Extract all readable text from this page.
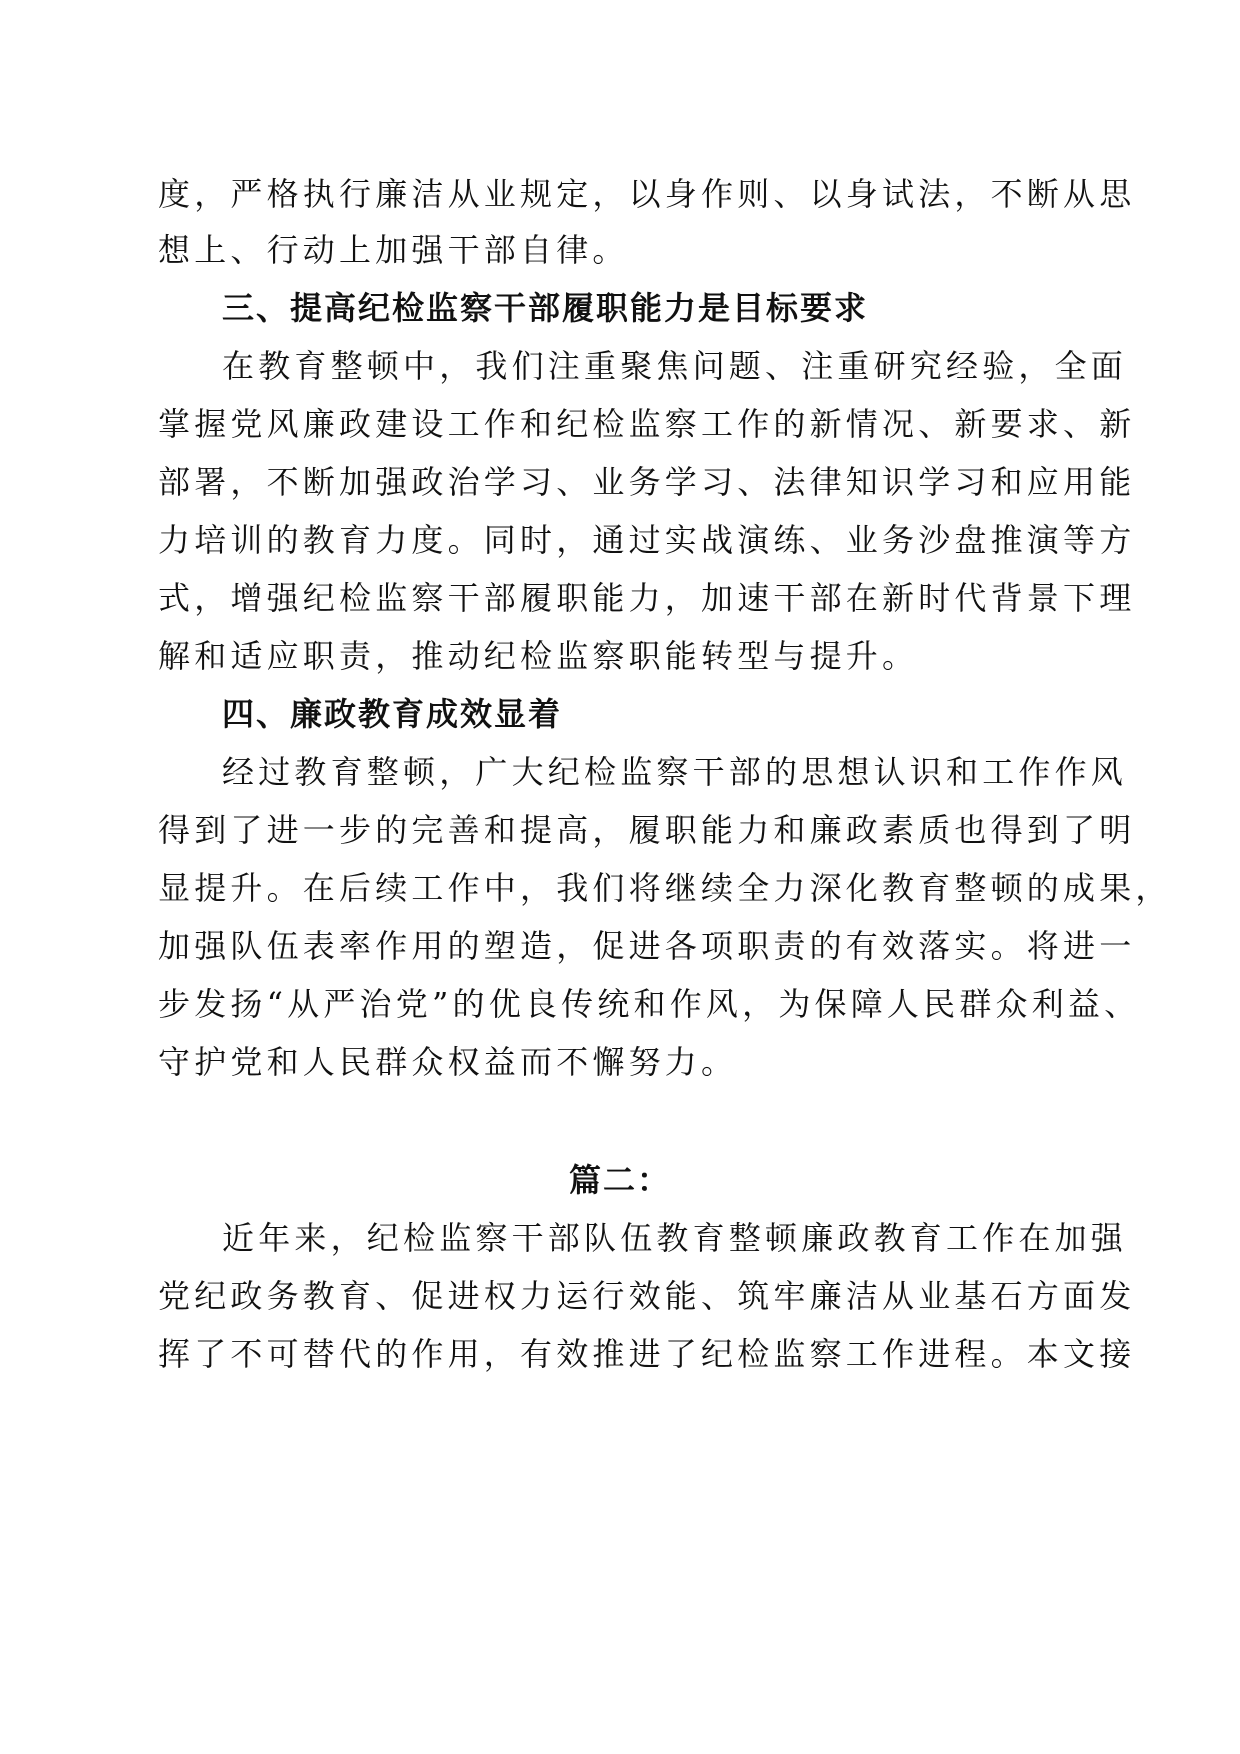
度，严格执行廉洁从业规定，以身作则、以身试法，不断从思
想上、行动上加强干部自律。
三、提高纪检监察干部履职能力是目标要求
在教育整顿中，我们注重聚焦问题、注重研究经验，全面
掌握党风廉政建设工作和纪检监察工作的新情况、新要求、新
部署，不断加强政治学习、业务学习、法律知识学习和应用能
力培训的教育力度。同时，通过实战演练、业务沙盘推演等方
式，增强纪检监察干部履职能力，加速干部在新时代背景下理
解和适应职责，推动纪检监察职能转型与提升。
四、廉政教育成效显着
经过教育整顿，广大纪检监察干部的思想认识和工作作风
得到了进一步的完善和提高，履职能力和廉政素质也得到了明
显提升。在后续工作中，我们将继续全力深化教育整顿的成果，
加强队伍表率作用的塑造，促进各项职责的有效落实。将进一
步发扬“从严治党”的优良传统和作风，为保障人民群众利益、
守护党和人民群众权益而不懈努力。
篇二：
近年来，纪检监察干部队伍教育整顿廉政教育工作在加强
党纪政务教育、促进权力运行效能、筑牢廉洁从业基石方面发
挥了不可替代的作用，有效推进了纪检监察工作进程。本文接
